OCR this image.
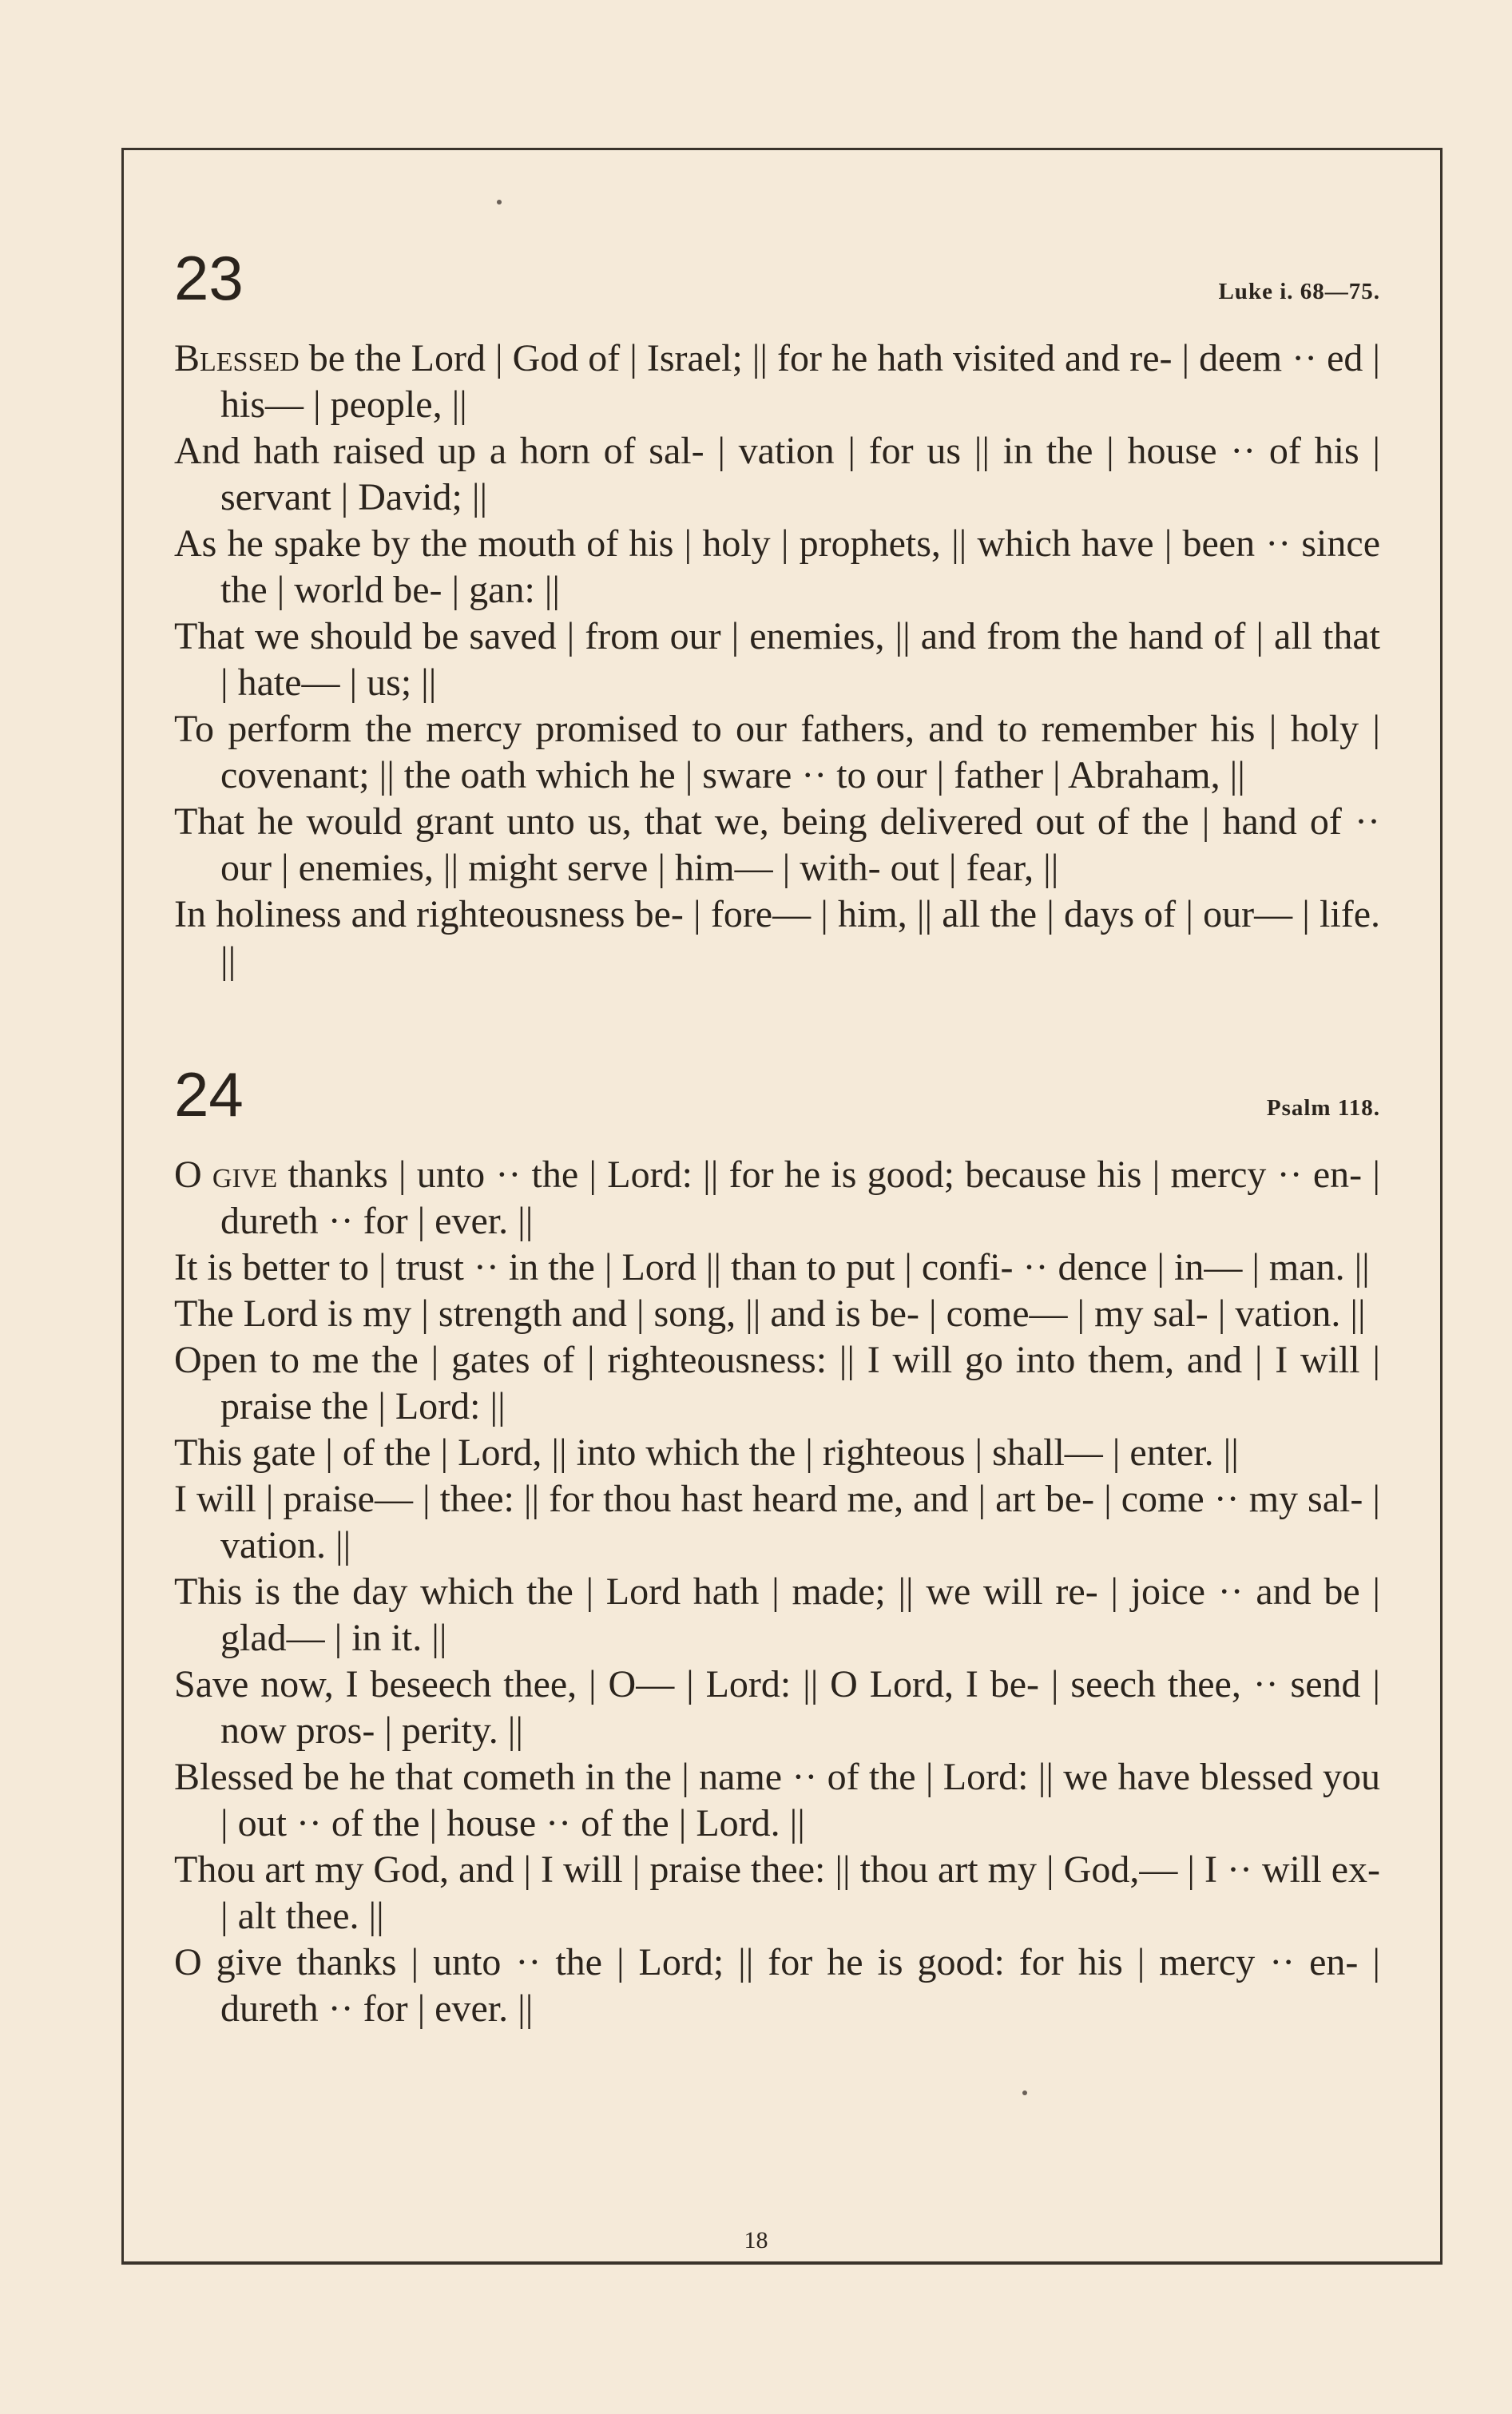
23	Luke i. 68—75.

Blessed be the Lord | God of | Israel; || for he hath visited and re- | deem ·· ed | his— | people, ||

And hath raised up a horn of sal- | vation | for us || in the | house ·· of his | servant | David; ||

As he spake by the mouth of his | holy | prophets, || which have | been ·· since the | world be- | gan: ||

That we should be saved | from our | enemies, || and from the hand of | all that | hate— | us; ||

To perform the mercy promised to our fathers, and to remember his | holy | covenant; || the oath which he | sware ·· to our | father | Abraham, ||

That he would grant unto us, that we, being delivered out of the | hand of ·· our | enemies, || might serve | him— | with- out | fear, ||

In holiness and righteousness be- | fore— | him, || all the | days of | our— | life. ||

24	Psalm 118.

O give thanks | unto ·· the | Lord: || for he is good; because his | mercy ·· en- | dureth ·· for | ever. ||

It is better to | trust ·· in the | Lord || than to put | confi- ·· dence | in— | man. ||

The Lord is my | strength and | song, || and is be- | come— | my sal- | vation. ||

Open to me the | gates of | righteousness: || I will go into them, and | I will | praise the | Lord: ||

This gate | of the | Lord, || into which the | righteous | shall— | enter. ||

I will | praise— | thee: || for thou hast heard me, and | art be- | come ·· my sal- | vation. ||

This is the day which the | Lord hath | made; || we will re- | joice ·· and be | glad— | in it. ||

Save now, I beseech thee, | O— | Lord: || O Lord, I be- | seech thee, ·· send | now pros- | perity. ||

Blessed be he that cometh in the | name ·· of the | Lord: || we have blessed you | out ·· of the | house ·· of the | Lord. ||

Thou art my God, and | I will | praise thee: || thou art my | God,— | I ·· will ex- | alt thee. ||

O give thanks | unto ·· the | Lord; || for he is good: for his | mercy ·· en- | dureth ·· for | ever. ||

18
